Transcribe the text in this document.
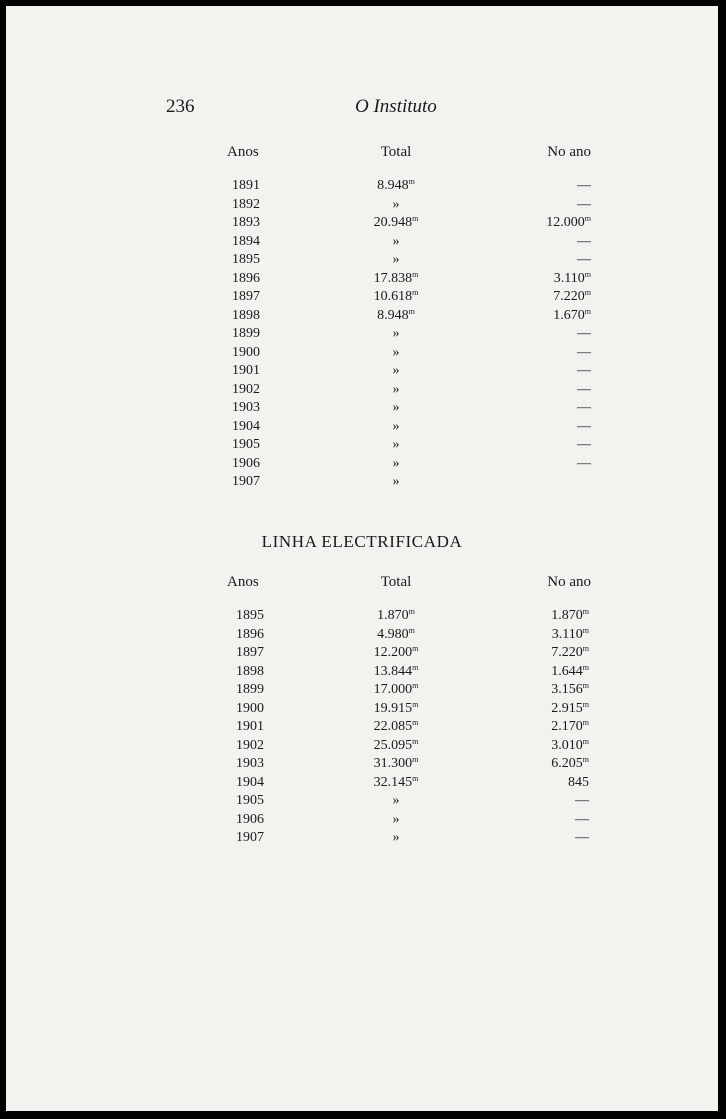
236	O Instituto
Anos	Total	No ano

1891	8.948$^m$	—
1892	»	—
1893	20.948$^m$	12.000$^m$
1894	»	—
1895	»	—
1896	17.838$^m$	3.110$^m$
1897	10.618$^m$	7.220$^m$
1898	8.948$^m$	1.670$^m$
1899	»	—
1900	»	—
1901	»	—
1902	»	—
1903	»	—
1904	»	—
1905	»	—
1906	»	—
1907	»	
LINHA ELECTRIFICADA
Anos	Total	No ano

1895	1.870$^m$	1.870$^m$
1896	4.980$^m$	3.110$^m$
1897	12.200$^m$	7.220$^m$
1898	13.844$^m$	1.644$^m$
1899	17.000$^m$	3.156$^m$
1900	19.915$^m$	2.915$^m$
1901	22.085$^m$	2.170$^m$
1902	25.095$^m$	3.010$^m$
1903	31.300$^m$	6.205$^m$
1904	32.145$^m$	845
1905	»	—
1906	»	—
1907	»	—
